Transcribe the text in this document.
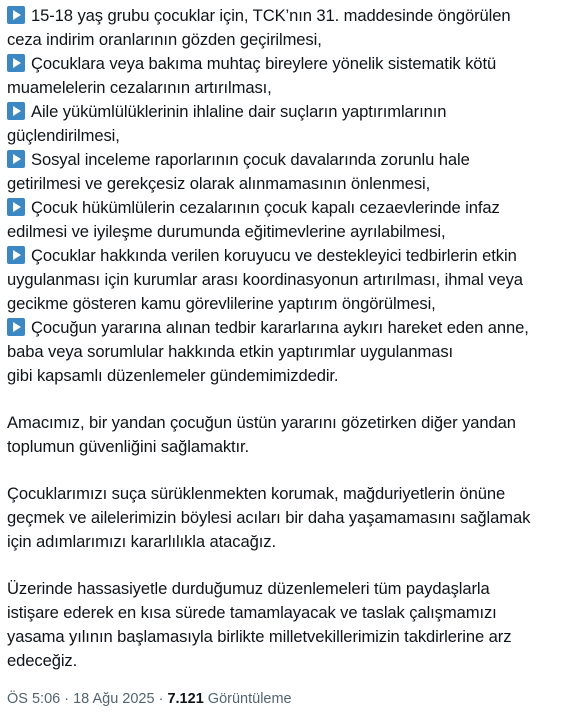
15-18 yaş grubu çocuklar için, TCK’nın 31. maddesinde öngörülen
ceza indirim oranlarının gözden geçirilmesi,
Çocuklara veya bakıma muhtaç bireylere yönelik sistematik kötü
muamelelerin cezalarının artırılması,
Aile yükümlülüklerinin ihlaline dair suçların yaptırımlarının
güçlendirilmesi,
Sosyal inceleme raporlarının çocuk davalarında zorunlu hale
getirilmesi ve gerekçesiz olarak alınmamasının önlenmesi,
Çocuk hükümlülerin cezalarının çocuk kapalı cezaevlerinde infaz
edilmesi ve iyileşme durumunda eğitimevlerine ayrılabilmesi,
Çocuklar hakkında verilen koruyucu ve destekleyici tedbirlerin etkin
uygulanması için kurumlar arası koordinasyonun artırılması, ihmal veya
gecikme gösteren kamu görevlilerine yaptırım öngörülmesi,
Çocuğun yararına alınan tedbir kararlarına aykırı hareket eden anne,
baba veya sorumlular hakkında etkin yaptırımlar uygulanması
gibi kapsamlı düzenlemeler gündemimizdedir.
Amacımız, bir yandan çocuğun üstün yararını gözetirken diğer yandan
toplumun güvenliğini sağlamaktır.
Çocuklarımızı suça sürüklenmekten korumak, mağduriyetlerin önüne
geçmek ve ailelerimizin böylesi acıları bir daha yaşamamasını sağlamak
için adımlarımızı kararlılıkla atacağız.
Üzerinde hassasiyetle durduğumuz düzenlemeleri tüm paydaşlarla
istişare ederek en kısa sürede tamamlayacak ve taslak çalışmamızı
yasama yılının başlamasıyla birlikte milletvekillerimizin takdirlerine arz
edeceğiz.
ÖS 5:06 · 18 Ağu 2025 · 7.121 Görüntüleme
